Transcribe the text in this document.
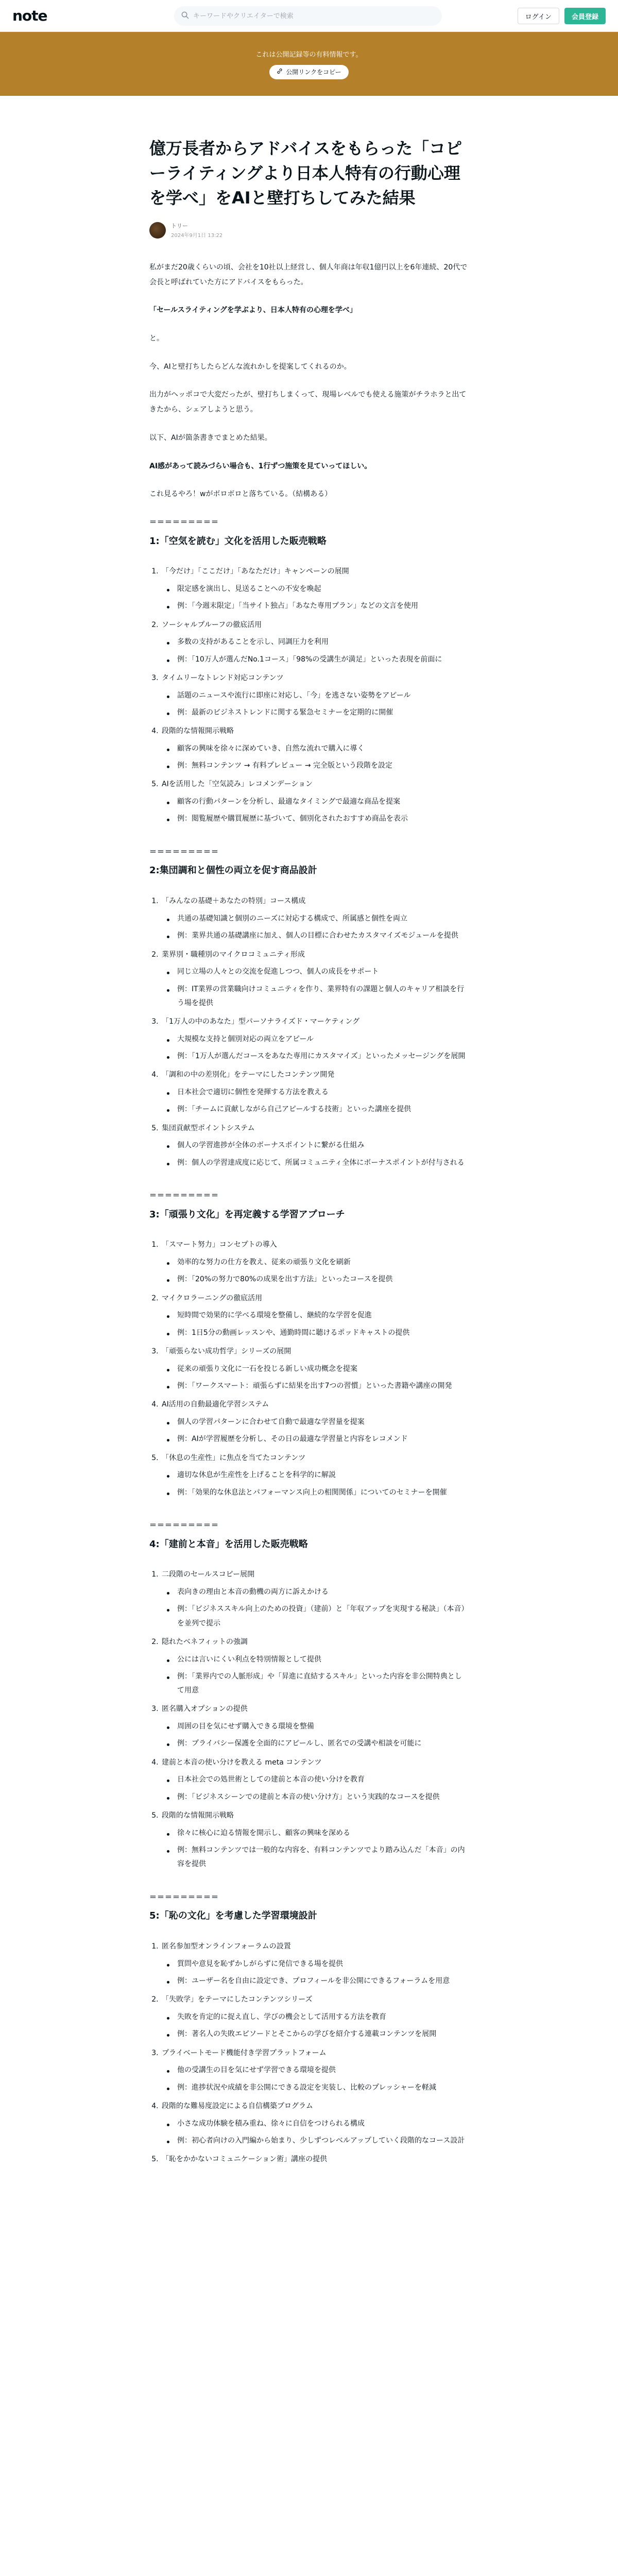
note
キーワードやクリエイターで検索	ログイン	会員登録
これは公開記録等の有料情報です。
公開リンクをコピー
億万長者からアドバイスをもらった「コピーライティングより日本人特有の行動心理を学べ」をAIと壁打ちしてみた結果
トリー
2024年9月1日 13:22

私がまだ20歳くらいの頃、会社を10社以上経営し、個人年商は年収1億円以上を6年連続、20代で会長と呼ばれていた方にアドバイスをもらった。

「セールスライティングを学ぶより、日本人特有の心理を学べ」

と。

今、AIと壁打ちしたらどんな流れかしを提案してくれるのか。

出力がヘッポコで大変だったが、壁打ちしまくって、現場レベルでも使える施策がチラホラと出てきたから、シェアしようと思う。

以下、AIが箇条書きでまとめた結果。

AI感があって読みづらい場合も、1行ずつ施策を見ていってほしい。

これ見るやろ！wがボロボロと落ちている。（結構ある）

＝＝＝＝＝＝＝＝＝
1:「空気を読む」文化を活用した販売戦略
1. 「今だけ」「ここだけ」「あなただけ」キャンペーンの展開
限定感を演出し、見送ることへの不安を喚起
例：「今週末限定」「当サイト独占」「あなた専用プラン」などの文言を使用
2. ソーシャルプルーフの徹底活用
多数の支持があることを示し、同調圧力を利用
例：「10万人が選んだNo.1コース」「98%の受講生が満足」といった表現を前面に
3. タイムリーなトレンド対応コンテンツ
話題のニュースや流行に即座に対応し、「今」を逃さない姿勢をアピール
例：最新のビジネストレンドに関する緊急セミナーを定期的に開催
4. 段階的な情報開示戦略
顧客の興味を徐々に深めていき、自然な流れで購入に導く
例：無料コンテンツ → 有料プレビュー → 完全版という段階を設定
5. AIを活用した「空気読み」レコメンデーション
顧客の行動パターンを分析し、最適なタイミングで最適な商品を提案
例：閲覧履歴や購買履歴に基づいて、個別化されたおすすめ商品を表示
＝＝＝＝＝＝＝＝＝
2:集団調和と個性の両立を促す商品設計
1. 「みんなの基礎＋あなたの特別」コース構成
共通の基礎知識と個別のニーズに対応する構成で、所属感と個性を両立
例：業界共通の基礎講座に加え、個人の目標に合わせたカスタマイズモジュールを提供
2. 業界別・職種別のマイクロコミュニティ形成
同じ立場の人々との交流を促進しつつ、個人の成長をサポート
例：IT業界の営業職向けコミュニティを作り、業界特有の課題と個人のキャリア相談を行う場を提供
3. 「1万人の中のあなた」型パーソナライズド・マーケティング
大規模な支持と個別対応の両立をアピール
例：「1万人が選んだコースをあなた専用にカスタマイズ」といったメッセージングを展開
4. 「調和の中の差別化」をテーマにしたコンテンツ開発
日本社会で適切に個性を発揮する方法を教える
例：「チームに貢献しながら自己アピールする技術」といった講座を提供
5. 集団貢献型ポイントシステム
個人の学習進捗が全体のボーナスポイントに繋がる仕組み
例：個人の学習達成度に応じて、所属コミュニティ全体にボーナスポイントが付与される
＝＝＝＝＝＝＝＝＝
3:「頑張り文化」を再定義する学習アプローチ
1. 「スマート努力」コンセプトの導入
効率的な努力の仕方を教え、従来の頑張り文化を刷新
例：「20%の努力で80%の成果を出す方法」といったコースを提供
2. マイクロラーニングの徹底活用
短時間で効果的に学べる環境を整備し、継続的な学習を促進
例：1日5分の動画レッスンや、通勤時間に聴けるポッドキャストの提供
3. 「頑張らない成功哲学」シリーズの展開
従来の頑張り文化に一石を投じる新しい成功概念を提案
例：「ワークスマート：頑張らずに結果を出す7つの習慣」といった書籍や講座の開発
4. AI活用の自動最適化学習システム
個人の学習パターンに合わせて自動で最適な学習量を提案
例：AIが学習履歴を分析し、その日の最適な学習量と内容をレコメンド
5. 「休息の生産性」に焦点を当てたコンテンツ
適切な休息が生産性を上げることを科学的に解説
例：「効果的な休息法とパフォーマンス向上の相関関係」についてのセミナーを開催
＝＝＝＝＝＝＝＝＝
4:「建前と本音」を活用した販売戦略
1. 二段階のセールスコピー展開
表向きの理由と本音の動機の両方に訴えかける
例：「ビジネススキル向上のための投資」（建前）と「年収アップを実現する秘訣」（本音）を並列で提示
2. 隠れたベネフィットの強調
公には言いにくい利点を特別情報として提供
例：「業界内での人脈形成」や「昇進に直結するスキル」といった内容を非公開特典として用意
3. 匿名購入オプションの提供
周囲の目を気にせず購入できる環境を整備
例：プライバシー保護を全面的にアピールし、匿名での受講や相談を可能に
4. 建前と本音の使い分けを教える meta コンテンツ
日本社会での処世術としての建前と本音の使い分けを教育
例：「ビジネスシーンでの建前と本音の使い分け方」という実践的なコースを提供
5. 段階的な情報開示戦略
徐々に核心に迫る情報を開示し、顧客の興味を深める
例：無料コンテンツでは一般的な内容を、有料コンテンツでより踏み込んだ「本音」の内容を提供
＝＝＝＝＝＝＝＝＝
5:「恥の文化」を考慮した学習環境設計
1. 匿名参加型オンラインフォーラムの設置
質問や意見を恥ずかしがらずに発信できる場を提供
例：ユーザー名を自由に設定でき、プロフィールを非公開にできるフォーラムを用意
2. 「失敗学」をテーマにしたコンテンツシリーズ
失敗を肯定的に捉え直し、学びの機会として活用する方法を教育
例：著名人の失敗エピソードとそこからの学びを紹介する連載コンテンツを展開
3. プライベートモード機能付き学習プラットフォーム
他の受講生の目を気にせず学習できる環境を提供
例：進捗状況や成績を非公開にできる設定を実装し、比較のプレッシャーを軽減
4. 段階的な難易度設定による自信構築プログラム
小さな成功体験を積み重ね、徐々に自信をつけられる構成
例：初心者向けの入門編から始まり、少しずつレベルアップしていく段階的なコース設計
5. 「恥をかかないコミュニケーション術」講座の提供
